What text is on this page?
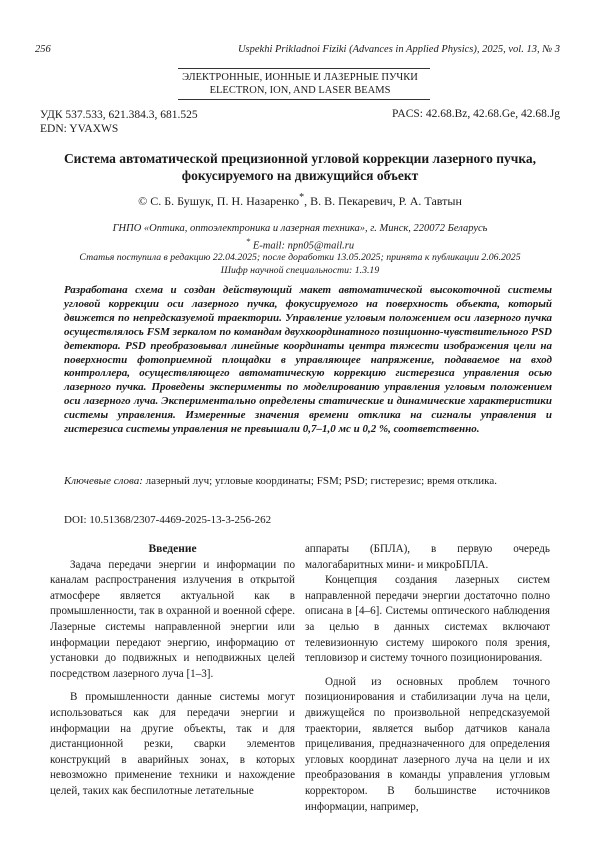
256	Uspekhi Prikladnoi Fiziki (Advances in Applied Physics), 2025, vol. 13, № 3
ЭЛЕКТРОННЫЕ, ИОННЫЕ И ЛАЗЕРНЫЕ ПУЧКИ
ELECTRON, ION, AND LASER BEAMS
УДК 537.533, 621.384.3, 681.525
EDN: YVAXWS
PACS: 42.68.Bz, 42.68.Ge, 42.68.Jg
Система автоматической прецизионной угловой коррекции лазерного пучка,
фокусируемого на движущийся объект
© С. Б. Бушук, П. Н. Назаренко*, В. В. Пекаревич, Р. А. Тавтын
ГНПО «Оптика, оптоэлектроника и лазерная техника», г. Минск, 220072 Беларусь
* E-mail: npn05@mail.ru
Статья поступила в редакцию 22.04.2025; после доработки 13.05.2025; принята к публикации 2.06.2025
Шифр научной специальности: 1.3.19
Разработана схема и создан действующий макет автоматической высокоточной системы угловой коррекции оси лазерного пучка, фокусируемого на поверхность объекта, который движется по непредсказуемой траектории. Управление угловым положением оси лазерного пучка осуществлялось FSM зеркалом по командам двухкоординатного позиционно-чувствительного PSD детектора. PSD преобразовывал линейные координаты центра тяжести изображения цели на поверхности фотоприемной площадки в управляющее напряжение, подаваемое на вход контроллера, осуществляющего автоматическую коррекцию гистерезиса управления осью лазерного пучка. Проведены эксперименты по моделированию управления угловым положением оси лазерного луча. Экспериментально определены статические и динамические характеристики системы управления. Измеренные значения времени отклика на сигналы управления и гистерезиса системы управления не превышали 0,7–1,0 мс и 0,2 %, соответственно.
Ключевые слова: лазерный луч; угловые координаты; FSM; PSD; гистерезис; время отклика.
DOI: 10.51368/2307-4469-2025-13-3-256-262

Введение

Задача передачи энергии и информации по каналам распространения излучения в открытой атмосфере является актуальной как в промышленности, так в охранной и военной сфере. Лазерные системы направленной энергии или информации передают энергию, информацию от установки до подвижных и неподвижных целей посредством лазерного луча [1–3].

В промышленности данные системы могут использоваться как для передачи энергии и информации на другие объекты, так и для дистанционной резки, сварки элементов конструкций в аварийных зонах, в которых невозможно применение техники и нахождение целей, таких как беспилотные летательные

аппараты (БПЛА), в первую очередь малогабаритных мини- и микроБПЛА.

Концепция создания лазерных систем направленной передачи энергии достаточно полно описана в [4–6]. Системы оптического наблюдения за целью в данных системах включают телевизионную систему широкого поля зрения, тепловизор и систему точного позиционирования.

Одной из основных проблем точного позиционирования и стабилизации луча на цели, движущейся по произвольной непредсказуемой траектории, является выбор датчиков канала прицеливания, предназначенного для определения угловых координат лазерного луча на цели и их преобразования в команды управления угловым корректором. В большинстве источников информации, например,
